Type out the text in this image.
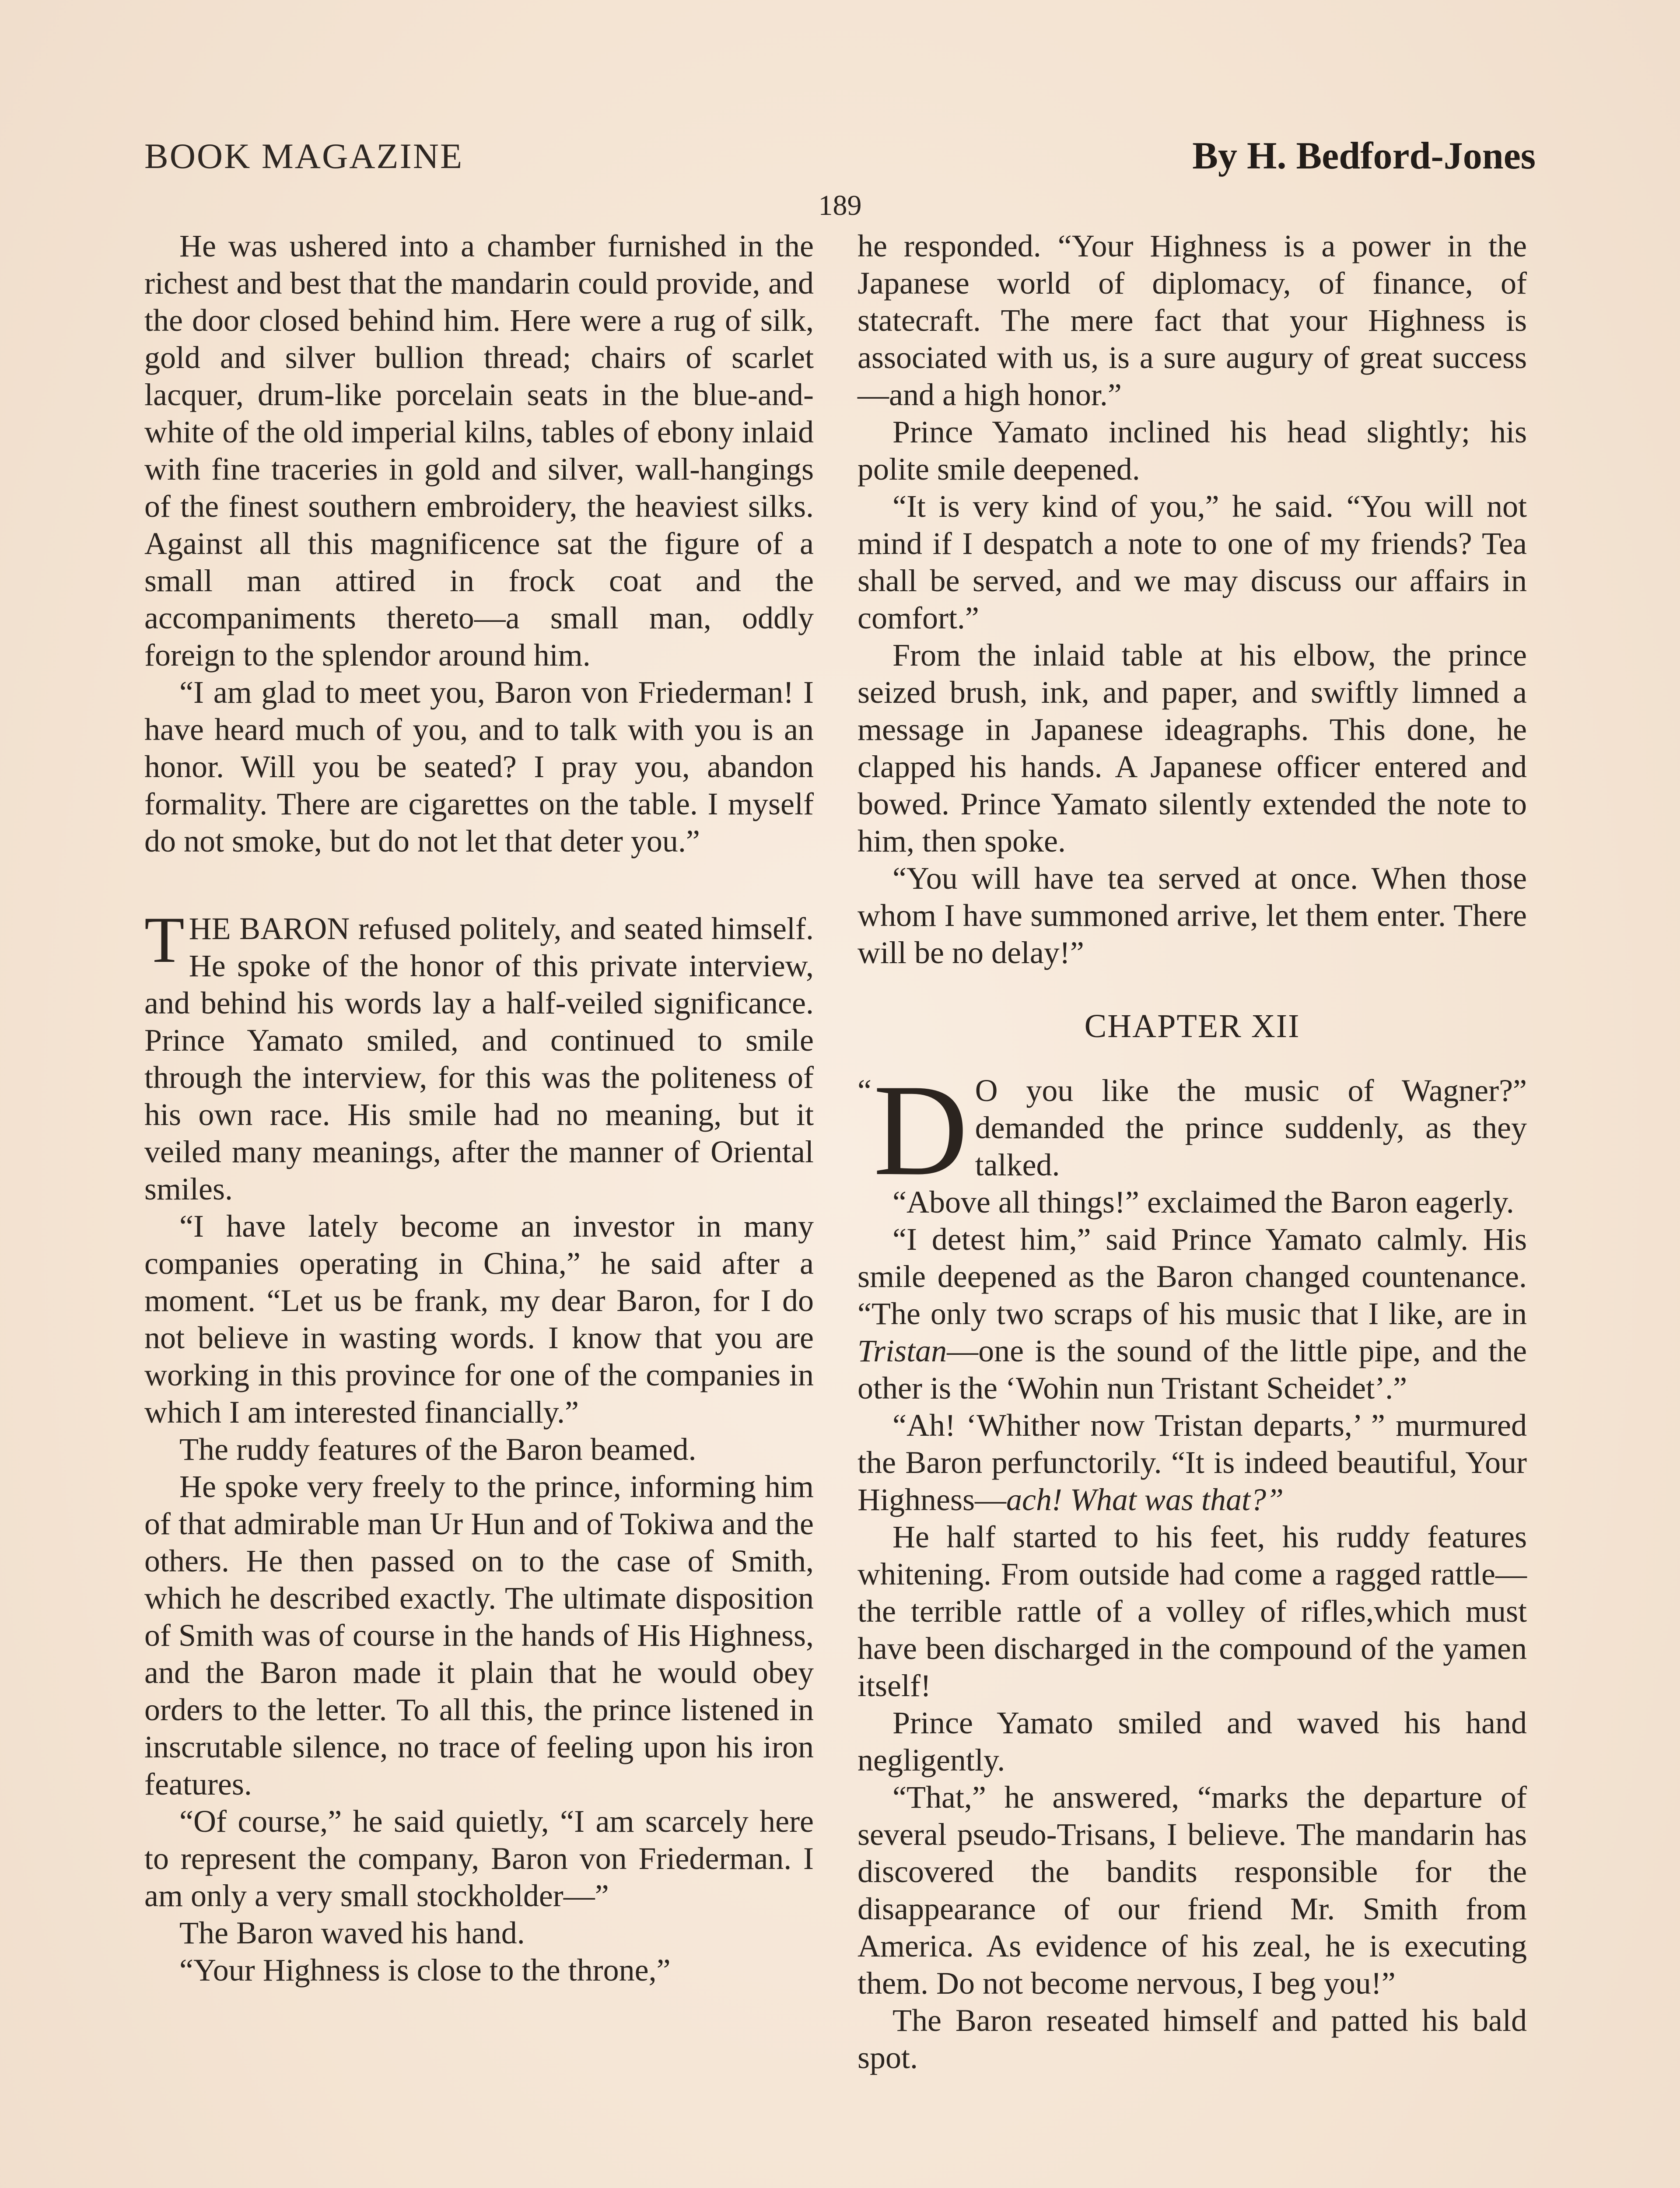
BOOK MAGAZINE	By H. Bedford-Jones
189

He was ushered into a chamber furnished in the richest and best that the mandarin could provide, and the door closed behind him. Here were a rug of silk, gold and silver bullion thread; chairs of scarlet lacquer, drum-like porcelain seats in the blue-and-white of the old imperial kilns, tables of ebony inlaid with fine traceries in gold and silver, wall-hangings of the finest southern embroidery, the heaviest silks. Against all this magnificence sat the figure of a small man attired in frock coat and the accompaniments thereto—a small man, oddly foreign to the splendor around him.

“I am glad to meet you, Baron von Friederman! I have heard much of you, and to talk with you is an honor. Will you be seated? I pray you, abandon formality. There are cigarettes on the table. I myself do not smoke, but do not let that deter you.”

THE BARON refused politely, and seated himself. He spoke of the honor of this private interview, and behind his words lay a half-veiled significance. Prince Yamato smiled, and continued to smile through the interview, for this was the politeness of his own race. His smile had no meaning, but it veiled many meanings, after the manner of Oriental smiles.

“I have lately become an investor in many companies operating in China,” he said after a moment. “Let us be frank, my dear Baron, for I do not believe in wasting words. I know that you are working in this province for one of the companies in which I am interested financially.”

The ruddy features of the Baron beamed.

He spoke very freely to the prince, informing him of that admirable man Ur Hun and of Tokiwa and the others. He then passed on to the case of Smith, which he described exactly. The ultimate disposition of Smith was of course in the hands of His Highness, and the Baron made it plain that he would obey orders to the letter. To all this, the prince listened in inscrutable silence, no trace of feeling upon his iron features.

“Of course,” he said quietly, “I am scarcely here to represent the company, Baron von Friederman. I am only a very small stockholder—”

The Baron waved his hand.

“Your Highness is close to the throne,”

he responded. “Your Highness is a power in the Japanese world of diplomacy, of finance, of statecraft. The mere fact that your Highness is associated with us, is a sure augury of great success—and a high honor.”

Prince Yamato inclined his head slightly; his polite smile deepened.

“It is very kind of you,” he said. “You will not mind if I despatch a note to one of my friends? Tea shall be served, and we may discuss our affairs in comfort.”

From the inlaid table at his elbow, the prince seized brush, ink, and paper, and swiftly limned a message in Japanese ideagraphs. This done, he clapped his hands. A Japanese officer entered and bowed. Prince Yamato silently extended the note to him, then spoke.

“You will have tea served at once. When those whom I have summoned arrive, let them enter. There will be no delay!”

CHAPTER XII

“ D O you like the music of Wagner?” demanded the prince suddenly, as they talked.

“Above all things!” exclaimed the Baron eagerly.

“I detest him,” said Prince Yamato calmly. His smile deepened as the Baron changed countenance. “The only two scraps of his music that I like, are in Tristan—one is the sound of the little pipe, and the other is the ‘Wohin nun Tristant Scheidet’.”

“Ah! ‘Whither now Tristan departs,’ ” murmured the Baron perfunctorily. “It is indeed beautiful, Your Highness—ach! What was that?”

He half started to his feet, his ruddy features whitening. From outside had come a ragged rattle—the terrible rattle of a volley of rifles,which must have been discharged in the compound of the yamen itself!

Prince Yamato smiled and waved his hand negligently.

“That,” he answered, “marks the departure of several pseudo-Trisans, I believe. The mandarin has discovered the bandits responsible for the disappearance of our friend Mr. Smith from America. As evidence of his zeal, he is executing them. Do not become nervous, I beg you!”

The Baron reseated himself and patted his bald spot.
